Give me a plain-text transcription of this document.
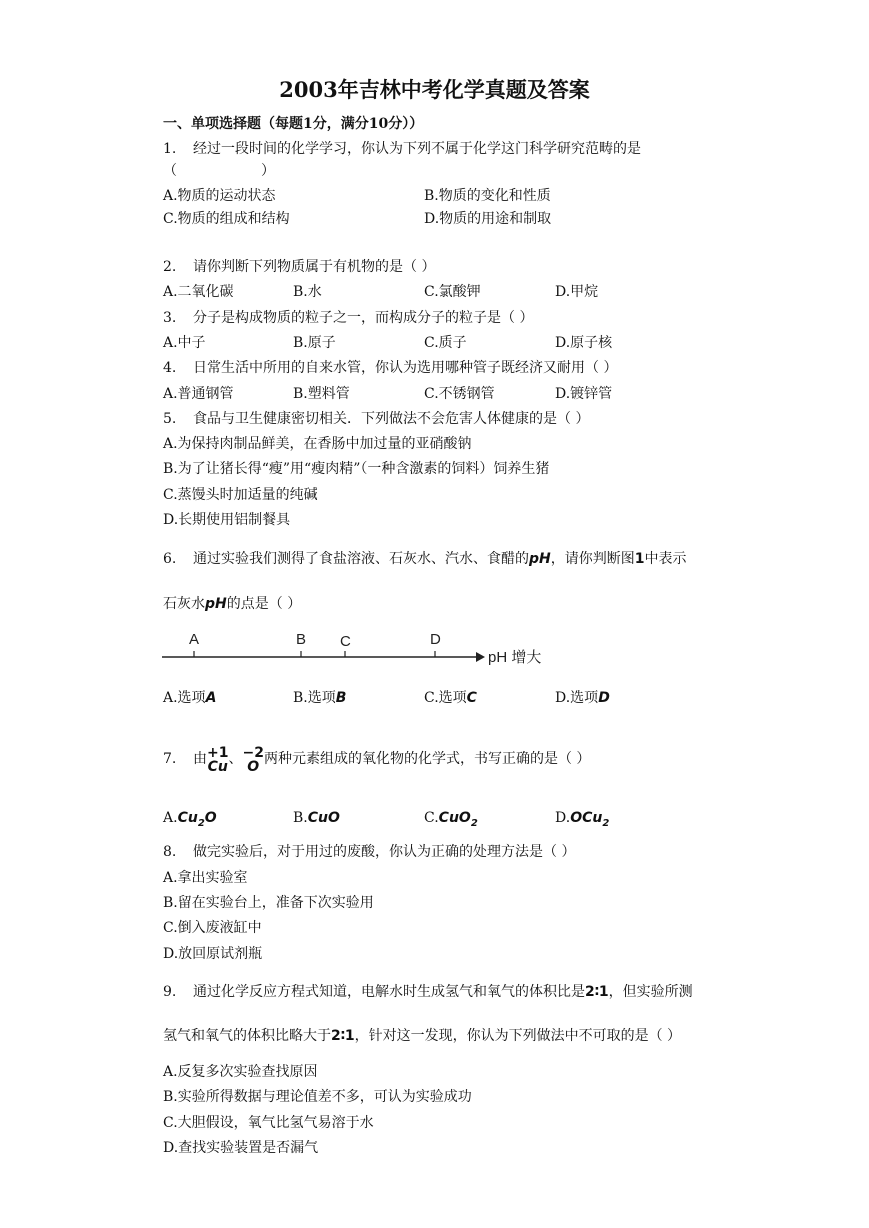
2003年吉林中考化学真题及答案
一、单项选择题（每题1分，满分10分））
1. 经过一段时间的化学学习，你认为下列不属于化学这门科学研究范畴的是
（　　　　　　）
A.物质的运动状态	B.物质的变化和性质
C.物质的组成和结构	D.物质的用途和制取
2. 请你判断下列物质属于有机物的是（ ）
A.二氧化碳	B.水	C.氯酸钾	D.甲烷
3. 分子是构成物质的粒子之一，而构成分子的粒子是（ ）
A.中子	B.原子	C.质子	D.原子核
4. 日常生活中所用的自来水管，你认为选用哪种管子既经济又耐用（ ）
A.普通钢管	B.塑料管	C.不锈钢管	D.镀锌管
5. 食品与卫生健康密切相关．下列做法不会危害人体健康的是（ ）
A.为保持肉制品鲜美，在香肠中加过量的亚硝酸钠
B.为了让猪长得“瘦”用“瘦肉精”（一种含激素的饲料）饲养生猪
C.蒸馒头时加适量的纯碱
D.长期使用铝制餐具
6. 通过实验我们测得了食盐溶液、石灰水、汽水、食醋的pH，请你判断图1中表示
石灰水pH的点是（ ）
A	B C	D
pH 增大
A.选项A	B.选项B	C.选项C	D.选项D
7. 由 +1
Cu 、 −2
O 两种元素组成的氧化物的化学式，书写正确的是（ ）
$A.Cu_2O$	B.CuO	C.CuO$_2$	D.OCu$_2$
8. 做完实验后，对于用过的废酸，你认为正确的处理方法是（ ）
A.拿出实验室
B.留在实验台上，准备下次实验用
C.倒入废液缸中
D.放回原试剂瓶
9. 通过化学反应方程式知道，电解水时生成氢气和氧气的体积比是2∶1，但实验所测
氢气和氧气的体积比略大于2∶1，针对这一发现，你认为下列做法中不可取的是（ ）
A.反复多次实验查找原因
B.实验所得数据与理论值差不多，可认为实验成功
C.大胆假设，氧气比氢气易溶于水
D.查找实验装置是否漏气
